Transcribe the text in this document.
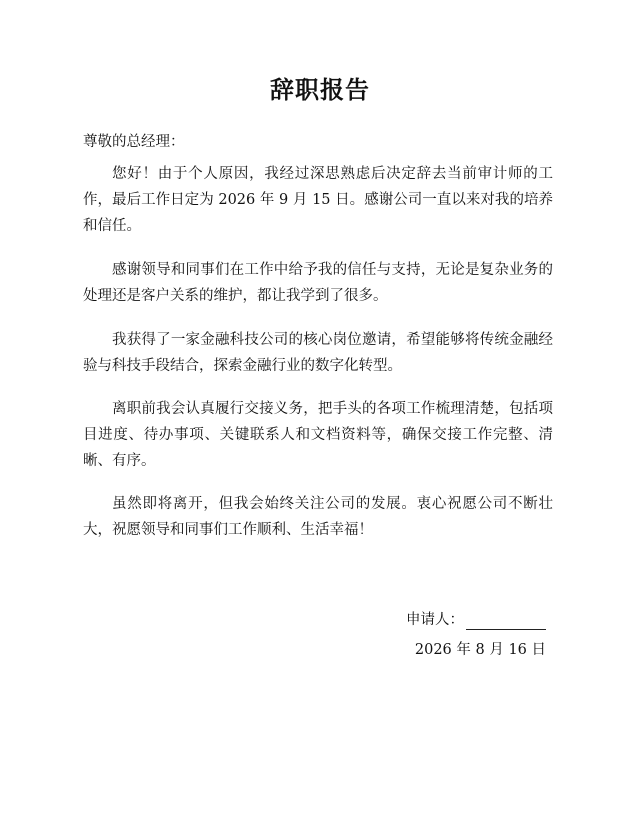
辞职报告
尊敬的总经理：

您好！由于个人原因，我经过深思熟虑后决定辞去当前审计师的工作，最后工作日定为 2026 年 9 月 15 日。感谢公司一直以来对我的培养和信任。

感谢领导和同事们在工作中给予我的信任与支持，无论是复杂业务的处理还是客户关系的维护，都让我学到了很多。

我获得了一家金融科技公司的核心岗位邀请，希望能够将传统金融经验与科技手段结合，探索金融行业的数字化转型。

离职前我会认真履行交接义务，把手头的各项工作梳理清楚，包括项目进度、待办事项、关键联系人和文档资料等，确保交接工作完整、清晰、有序。

虽然即将离开，但我会始终关注公司的发展。衷心祝愿公司不断壮大，祝愿领导和同事们工作顺利、生活幸福！

申请人：
2026 年 8 月 16 日
